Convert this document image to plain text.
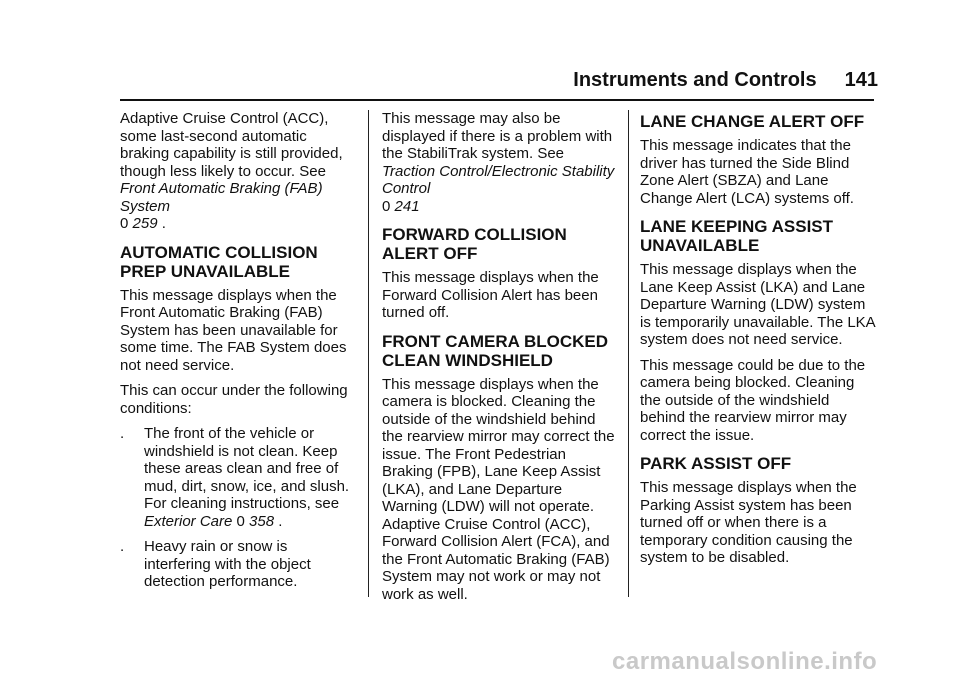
Instruments and Controls 141

Adaptive Cruise Control (ACC), some last-second automatic braking capability is still provided, though less likely to occur. See Front Automatic Braking (FAB) System
0 259 .

AUTOMATIC COLLISION PREP UNAVAILABLE

This message displays when the Front Automatic Braking (FAB) System has been unavailable for some time. The FAB System does not need service.

This can occur under the following conditions:

. The front of the vehicle or windshield is not clean. Keep these areas clean and free of mud, dirt, snow, ice, and slush. For cleaning instructions, see Exterior Care 0 358 .
. Heavy rain or snow is interfering with the object detection performance.

This message may also be displayed if there is a problem with the StabiliTrak system. See Traction Control/Electronic Stability Control
0 241

FORWARD COLLISION ALERT OFF

This message displays when the Forward Collision Alert has been turned off.

FRONT CAMERA BLOCKED CLEAN WINDSHIELD

This message displays when the camera is blocked. Cleaning the outside of the windshield behind the rearview mirror may correct the issue. The Front Pedestrian Braking (FPB), Lane Keep Assist (LKA), and Lane Departure Warning (LDW) will not operate. Adaptive Cruise Control (ACC), Forward Collision Alert (FCA), and the Front Automatic Braking (FAB) System may not work or may not work as well.

LANE CHANGE ALERT OFF

This message indicates that the driver has turned the Side Blind Zone Alert (SBZA) and Lane Change Alert (LCA) systems off.

LANE KEEPING ASSIST UNAVAILABLE

This message displays when the Lane Keep Assist (LKA) and Lane Departure Warning (LDW) system is temporarily unavailable. The LKA system does not need service.

This message could be due to the camera being blocked. Cleaning the outside of the windshield behind the rearview mirror may correct the issue.

PARK ASSIST OFF

This message displays when the Parking Assist system has been turned off or when there is a temporary condition causing the system to be disabled.

carmanualsonline.info
